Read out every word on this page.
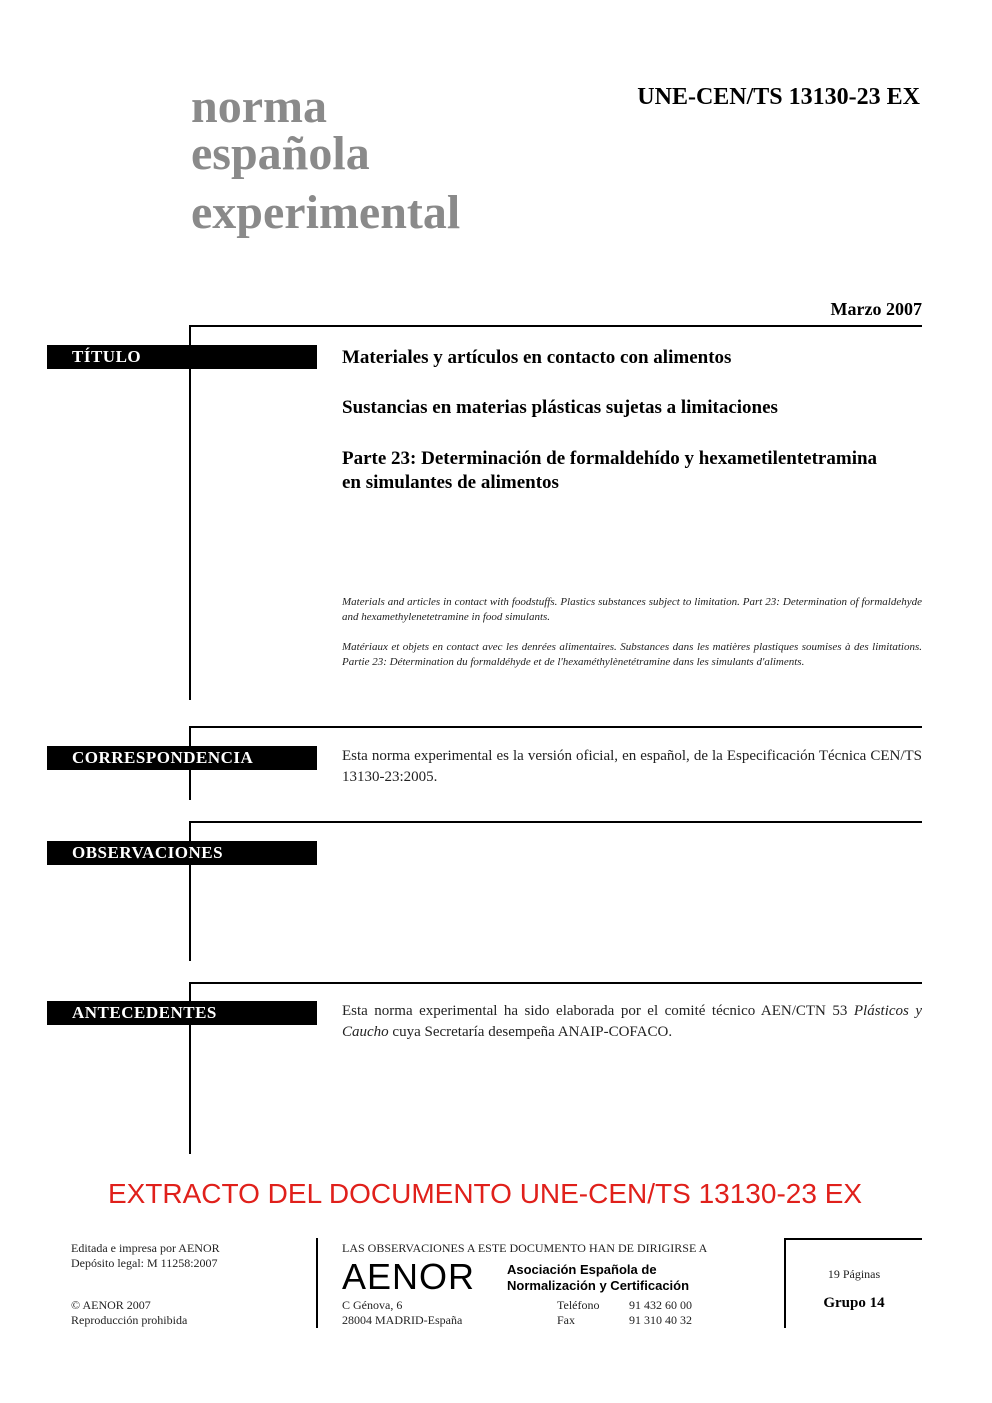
norma
española
experimental
UNE-CEN/TS 13130-23 EX
Marzo 2007
TÍTULO	Materiales y artículos en contacto con alimentos
Sustancias en materias plásticas sujetas a limitaciones
Parte 23: Determinación de formaldehído y hexametilentetramina
en simulantes de alimentos
Materials and articles in contact with foodstuffs. Plastics substances subject to limitation. Part 23: Determination of formaldehyde and hexamethylenetetramine in food simulants.
Matériaux et objets en contact avec les denrées alimentaires. Substances dans les matières plastiques soumises à des limitations. Partie 23: Détermination du formaldéhyde et de l'hexaméthylènetétramine dans les simulants d'aliments.
CORRESPONDENCIA	Esta norma experimental es la versión oficial, en español, de la Especificación Técnica CEN/TS 13130-23:2005.
OBSERVACIONES
ANTECEDENTES	Esta norma experimental ha sido elaborada por el comité técnico AEN/CTN 53 Plásticos y Caucho cuya Secretaría desempeña ANAIP-COFACO.
EXTRACTO DEL DOCUMENTO UNE-CEN/TS 13130-23 EX
Editada e impresa por AENOR
Depósito legal: M 11258:2007
© AENOR 2007
Reproducción prohibida
LAS OBSERVACIONES A ESTE DOCUMENTO HAN DE DIRIGIRSE A
AENOR Asociación Española de
Normalización y Certificación
C Génova, 6
28004 MADRID-España
Teléfono 91 432 60 00
Fax	91 310 40 32
19 Páginas
Grupo 14
